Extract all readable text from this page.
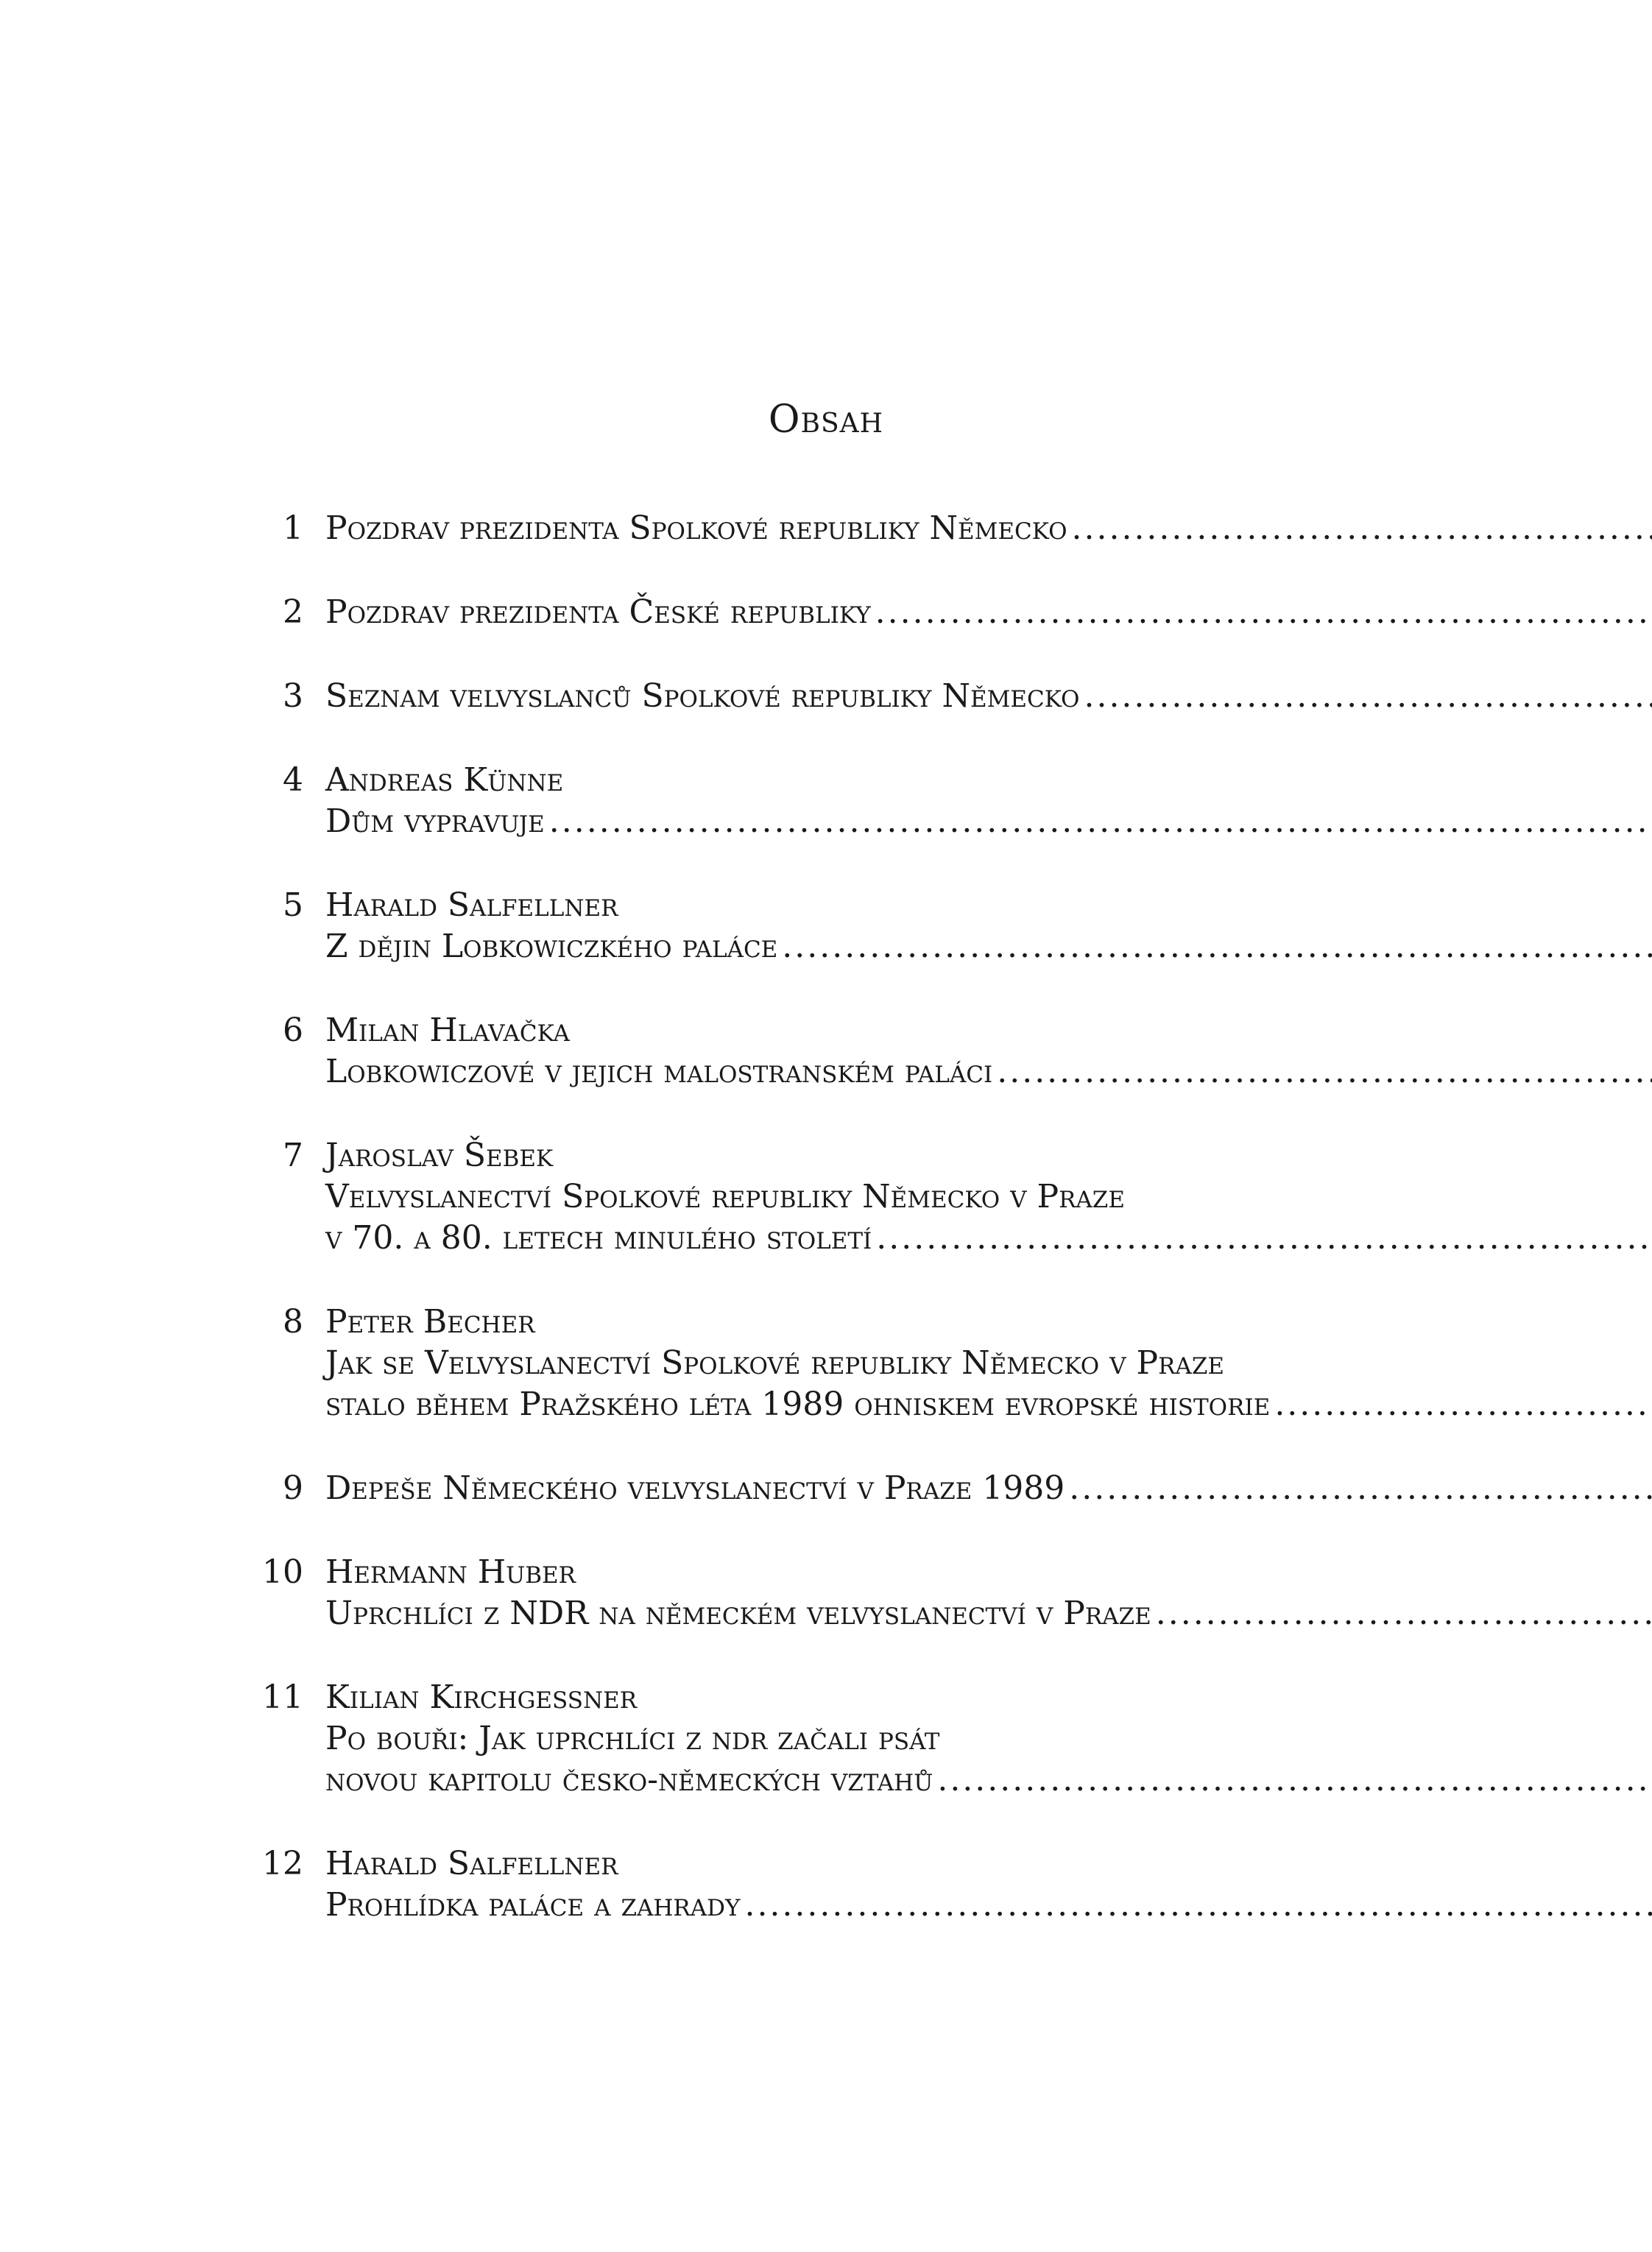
Obsah
1 Pozdrav prezidenta Spolkové republiky Německo
.....
2 Pozdrav prezidenta České republiky
.....
3 Seznam velvyslanců Spolkové republiky Německo
.....
4 Andreas Künne
Dům vypravuje
.....
5 Harald Salfellner
Z dějin Lobkowiczkého paláce
.....
6 Milan Hlavačka
Lobkowiczové v jejich malostranském paláci
.....
7 Jaroslav Šebek
Velvyslanectví Spolkové republiky Německo v Praze
v 70. a 80. letech minulého století
.....
8 Peter Becher
Jak se Velvyslanectví Spolkové republiky Německo v Praze
stalo během Pražského léta 1989 ohniskem evropské historie
.....
9 Depeše Německého velvyslanectví v Praze 1989
.....
10 Hermann Huber
Uprchlíci z NDR na německém velvyslanectví v Praze
.....
11 Kilian Kirchgessner
Po bouři: Jak uprchlíci z ndr začali psát
novou kapitolu česko-německých vztahů
.....
12 Harald Salfellner
Prohlídka paláce a zahrady
.....
